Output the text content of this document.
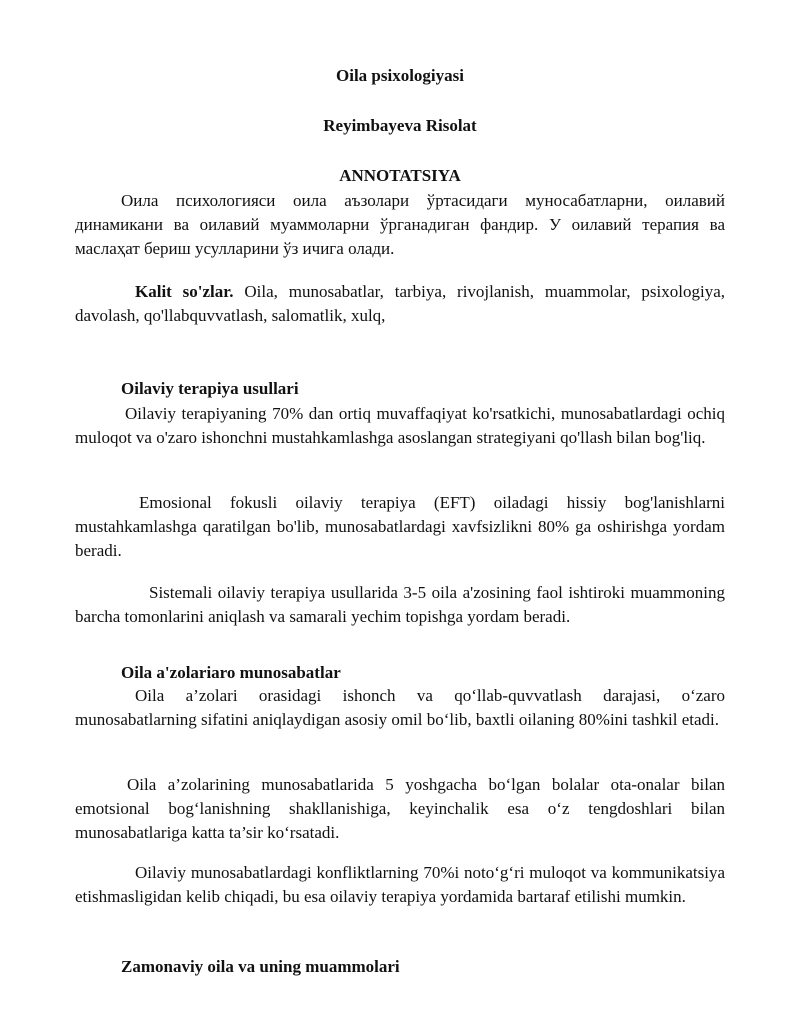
Oila psixologiyasi
Reyimbayeva Risolat
ANNOTATSIYA
Оила психологияси оила аъзолари ўртасидаги муносабатларни, оилавий динамикани ва оилавий муаммоларни ўрганадиган фандир. У оилавий терапия ва маслаҳат бериш усулларини ўз ичига олади.
Kalit so'zlar. Oila, munosabatlar, tarbiya, rivojlanish, muammolar, psixologiya, davolash, qo'llabquvvatlash, salomatlik, xulq,
Oilaviy terapiya usullari
Oilaviy terapiyaning 70% dan ortiq muvaffaqiyat ko'rsatkichi, munosabatlardagi ochiq muloqot va o'zaro ishonchni mustahkamlashga asoslangan strategiyani qo'llash bilan bog'liq.
Emosional fokusli oilaviy terapiya (EFT) oiladagi hissiy bog'lanishlarni mustahkamlashga qaratilgan bo'lib, munosabatlardagi xavfsizlikni 80% ga oshirishga yordam beradi.
Sistemali oilaviy terapiya usullarida 3-5 oila a'zosining faol ishtiroki muammoning barcha tomonlarini aniqlash va samarali yechim topishga yordam beradi.
Oila a'zolariaro munosabatlar
Oila a’zolari orasidagi ishonch va qo‘llab-quvvatlash darajasi, o‘zaro munosabatlarning sifatini aniqlaydigan asosiy omil bo‘lib, baxtli oilaning 80%ini tashkil etadi.
Oila a’zolarining munosabatlarida 5 yoshgacha bo‘lgan bolalar ota-onalar bilan emotsional bog‘lanishning shakllanishiga, keyinchalik esa o‘z tengdoshlari bilan munosabatlariga katta ta’sir ko‘rsatadi.
Oilaviy munosabatlardagi konfliktlarning 70%i noto‘g‘ri muloqot va kommunikatsiya etishmasligidan kelib chiqadi, bu esa oilaviy terapiya yordamida bartaraf etilishi mumkin.
Zamonaviy oila va uning muammolari
